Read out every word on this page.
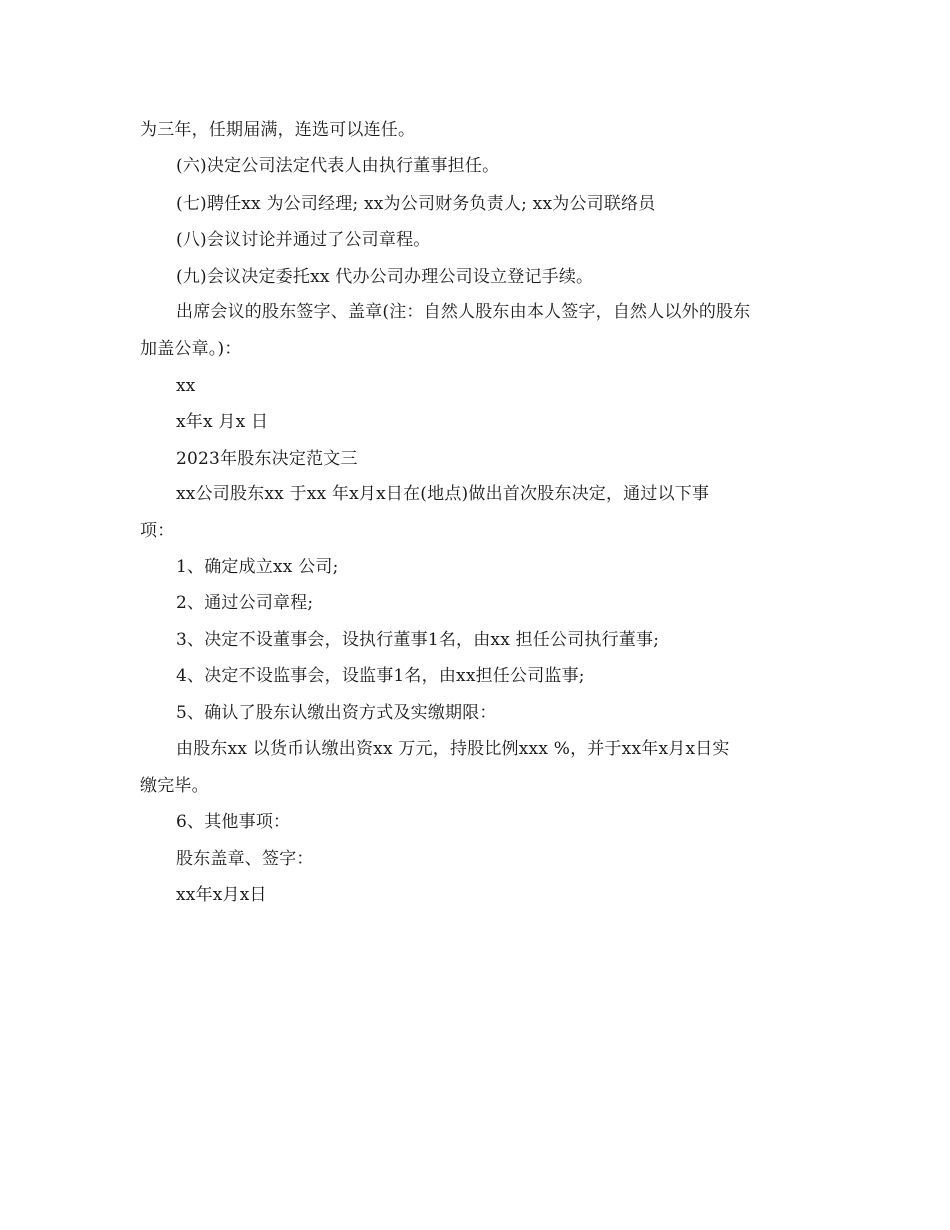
为三年，任期届满，连选可以连任。
(六)决定公司法定代表人由执行董事担任。
(七)聘任xx 为公司经理; xx为公司财务负责人; xx为公司联络员
(八)会议讨论并通过了公司章程。
(九)会议决定委托xx 代办公司办理公司设立登记手续。
出席会议的股东签字、盖章(注：自然人股东由本人签字，自然人以外的股东
加盖公章。)：
xx
x年x 月x 日
2023年股东决定范文三
xx公司股东xx 于xx 年x月x日在(地点)做出首次股东决定，通过以下事
项：
1、确定成立xx 公司;
2、通过公司章程;
3、决定不设董事会，设执行董事1名，由xx 担任公司执行董事;
4、决定不设监事会，设监事1名，由xx担任公司监事;
5、确认了股东认缴出资方式及实缴期限：
由股东xx 以货币认缴出资xx 万元，持股比例xxx %，并于xx年x月x日实
缴完毕。
6、其他事项：
股东盖章、签字：
xx年x月x日
